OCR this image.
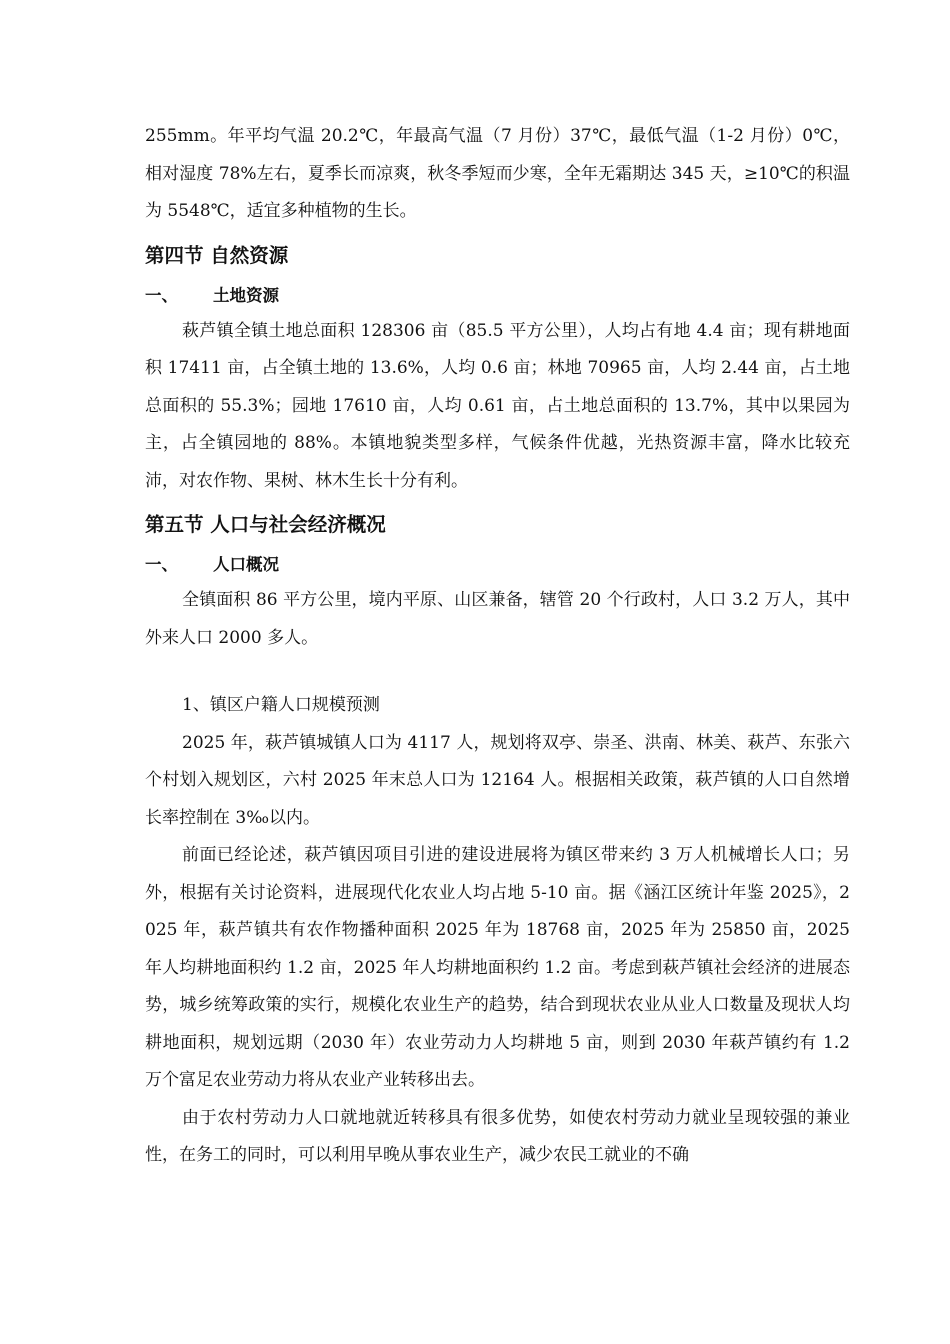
255mm。年平均气温 20.2℃，年最高气温（7 月份）37℃，最低气温（1-2 月份）0℃，相对湿度 78%左右，夏季长而凉爽，秋冬季短而少寒，全年无霜期达 345 天，≥10℃的积温为 5548℃，适宜多种植物的生长。

第四节 自然资源
一、 土地资源

萩芦镇全镇土地总面积 128306 亩（85.5 平方公里），人均占有地 4.4 亩；现有耕地面积 17411 亩，占全镇土地的 13.6%，人均 0.6 亩；林地 70965 亩，人均 2.44 亩，占土地总面积的 55.3%；园地 17610 亩，人均 0.61 亩，占土地总面积的 13.7%，其中以果园为主，占全镇园地的 88%。本镇地貌类型多样，气候条件优越，光热资源丰富，降水比较充沛，对农作物、果树、林木生长十分有利。

第五节 人口与社会经济概况
一、 人口概况

全镇面积 86 平方公里，境内平原、山区兼备，辖管 20 个行政村，人口 3.2 万人，其中外来人口 2000 多人。

1、镇区户籍人口规模预测

2025 年，萩芦镇城镇人口为 4117 人，规划将双亭、崇圣、洪南、林美、萩芦、东张六个村划入规划区，六村 2025 年末总人口为 12164 人。根据相关政策，萩芦镇的人口自然增长率控制在 3‰以内。

前面已经论述，萩芦镇因项目引进的建设进展将为镇区带来约 3 万人机械增长人口；另外，根据有关讨论资料，进展现代化农业人均占地 5-10 亩。据《涵江区统计年鉴 2025》，2025 年，萩芦镇共有农作物播种面积 2025 年为 18768 亩，2025 年为 25850 亩，2025 年人均耕地面积约 1.2 亩，2025 年人均耕地面积约 1.2 亩。考虑到萩芦镇社会经济的进展态势，城乡统筹政策的实行，规模化农业生产的趋势，结合到现状农业从业人口数量及现状人均耕地面积，规划远期（2030 年）农业劳动力人均耕地 5 亩，则到 2030 年萩芦镇约有 1.2 万个富足农业劳动力将从农业产业转移出去。

由于农村劳动力人口就地就近转移具有很多优势，如使农村劳动力就业呈现较强的兼业性，在务工的同时，可以利用早晚从事农业生产，减少农民工就业的不确
